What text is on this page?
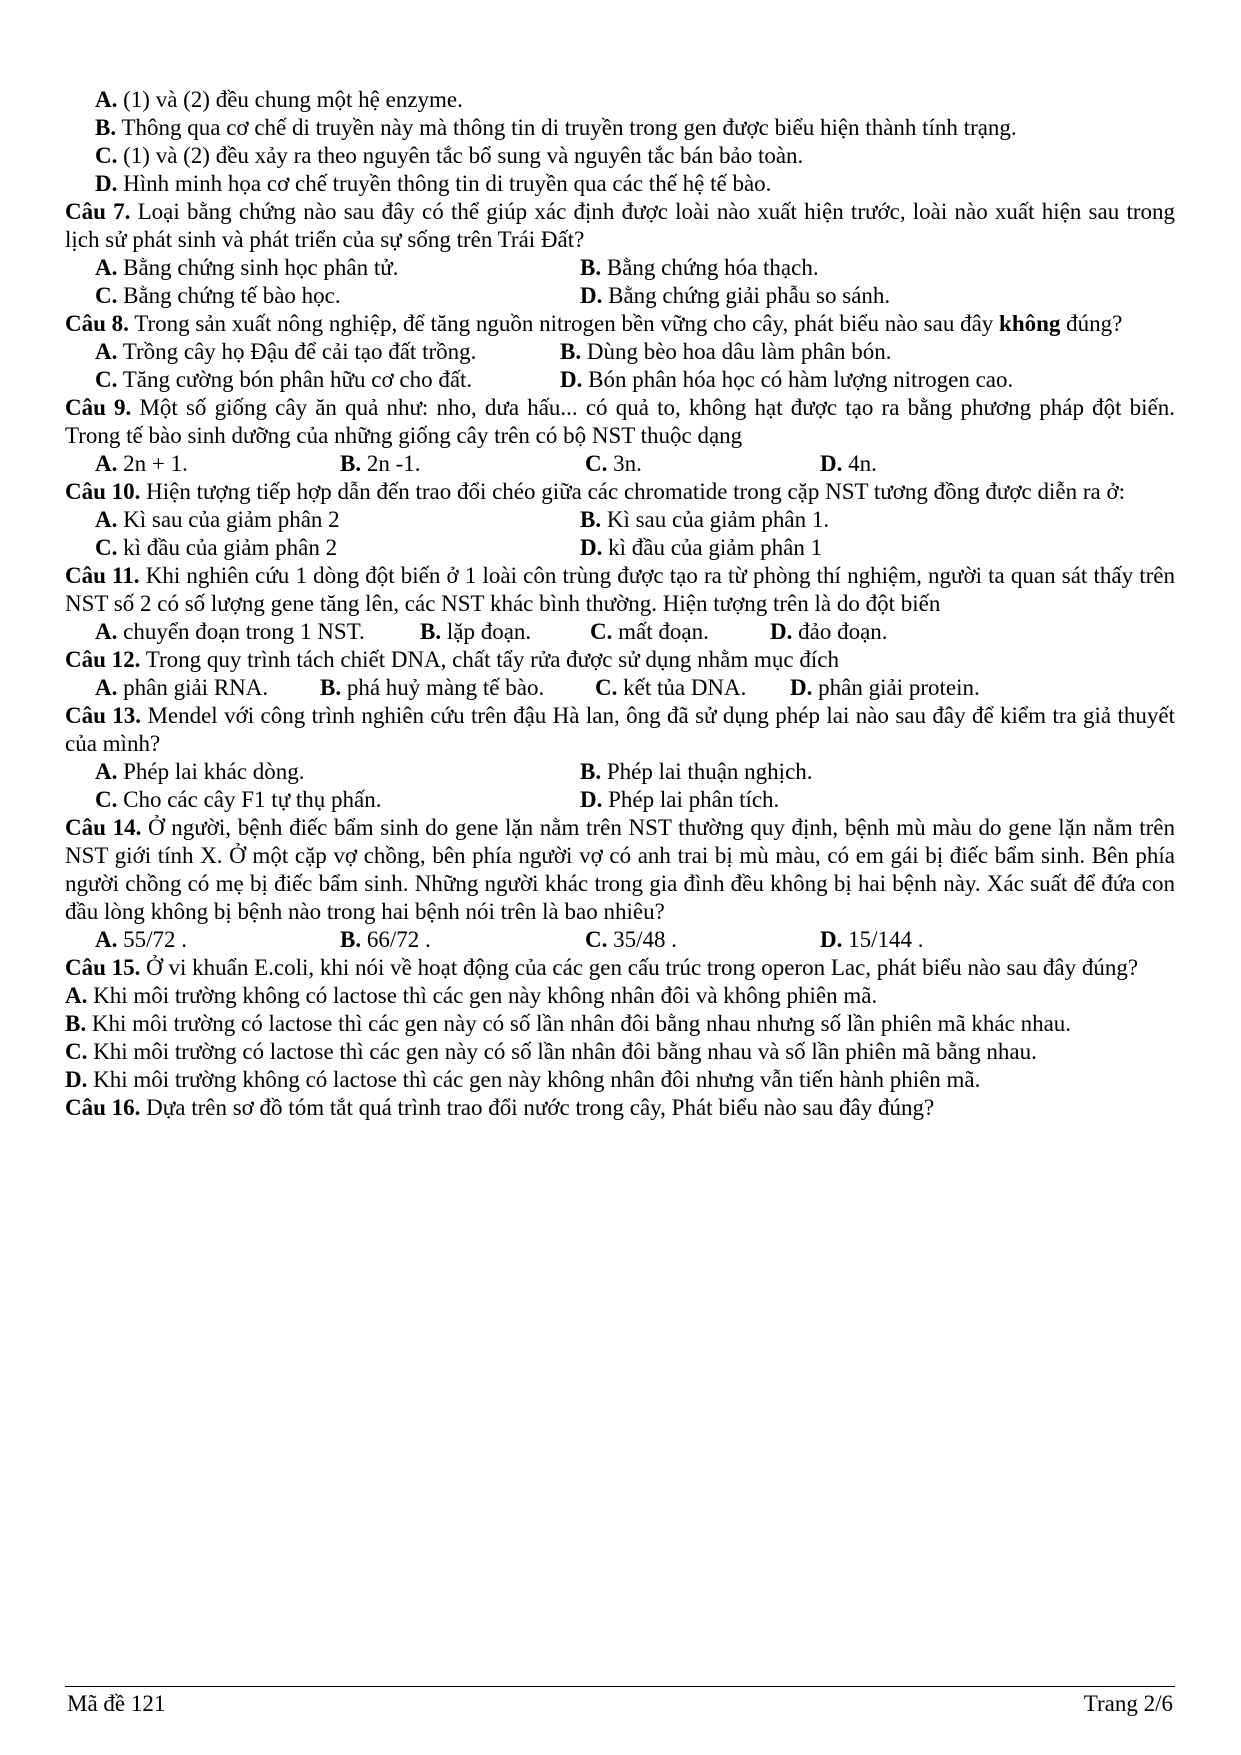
A. (1) và (2) đều chung một hệ enzyme.

B. Thông qua cơ chế di truyền này mà thông tin di truyền trong gen được biểu hiện thành tính trạng.

C. (1) và (2) đều xảy ra theo nguyên tắc bổ sung và nguyên tắc bán bảo toàn.

D. Hình minh họa cơ chế truyền thông tin di truyền qua các thế hệ tế bào.

Câu 7. Loại bằng chứng nào sau đây có thể giúp xác định được loài nào xuất hiện trước, loài nào xuất hiện sau trong lịch sử phát sinh và phát triển của sự sống trên Trái Đất?

A. Bằng chứng sinh học phân tử.	B. Bằng chứng hóa thạch.
C. Bằng chứng tế bào học.	D. Bằng chứng giải phẫu so sánh.

Câu 8. Trong sản xuất nông nghiệp, để tăng nguồn nitrogen bền vững cho cây, phát biểu nào sau đây không đúng?

A. Trồng cây họ Đậu để cải tạo đất trồng.	B. Dùng bèo hoa dâu làm phân bón.
C. Tăng cường bón phân hữu cơ cho đất.	D. Bón phân hóa học có hàm lượng nitrogen cao.

Câu 9. Một số giống cây ăn quả như: nho, dưa hấu... có quả to, không hạt được tạo ra bằng phương pháp đột biến. Trong tế bào sinh dưỡng của những giống cây trên có bộ NST thuộc dạng

A. 2n + 1.	B. 2n -1.	C. 3n.	D. 4n.

Câu 10. Hiện tượng tiếp hợp dẫn đến trao đổi chéo giữa các chromatide trong cặp NST tương đồng được diễn ra ở:

A. Kì sau của giảm phân 2	B. Kì sau của giảm phân 1.
C. kì đầu của giảm phân 2	D. kì đầu của giảm phân 1

Câu 11. Khi nghiên cứu 1 dòng đột biến ở 1 loài côn trùng được tạo ra từ phòng thí nghiệm, người ta quan sát thấy trên NST số 2 có số lượng gene tăng lên, các NST khác bình thường. Hiện tượng trên là do đột biến

A. chuyển đoạn trong 1 NST.	B. lặp đoạn.	C. mất đoạn.	D. đảo đoạn.

Câu 12. Trong quy trình tách chiết DNA, chất tẩy rửa được sử dụng nhằm mục đích

A. phân giải RNA.	B. phá huỷ màng tế bào.	C. kết tủa DNA.	D. phân giải protein.

Câu 13. Mendel với công trình nghiên cứu trên đậu Hà lan, ông đã sử dụng phép lai nào sau đây để kiểm tra giả thuyết của mình?

A. Phép lai khác dòng.	B. Phép lai thuận nghịch.
C. Cho các cây F1 tự thụ phấn.	D. Phép lai phân tích.

Câu 14. Ở người, bệnh điếc bẩm sinh do gene lặn nằm trên NST thường quy định, bệnh mù màu do gene lặn nằm trên NST giới tính X. Ở một cặp vợ chồng, bên phía người vợ có anh trai bị mù màu, có em gái bị điếc bẩm sinh. Bên phía người chồng có mẹ bị điếc bẩm sinh. Những người khác trong gia đình đều không bị hai bệnh này. Xác suất để đứa con đầu lòng không bị bệnh nào trong hai bệnh nói trên là bao nhiêu?

A. 55/72 .	B. 66/72 .	C. 35/48 .	D. 15/144 .

Câu 15. Ở vi khuẩn E.coli, khi nói về hoạt động của các gen cấu trúc trong operon Lac, phát biểu nào sau đây đúng?

A. Khi môi trường không có lactose thì các gen này không nhân đôi và không phiên mã.

B. Khi môi trường có lactose thì các gen này có số lần nhân đôi bằng nhau nhưng số lần phiên mã khác nhau.

C. Khi môi trường có lactose thì các gen này có số lần nhân đôi bằng nhau và số lần phiên mã bằng nhau.

D. Khi môi trường không có lactose thì các gen này không nhân đôi nhưng vẫn tiến hành phiên mã.

Câu 16. Dựa trên sơ đồ tóm tắt quá trình trao đổi nước trong cây, Phát biểu nào sau đây đúng?

Mã đề 121	Trang 2/6
